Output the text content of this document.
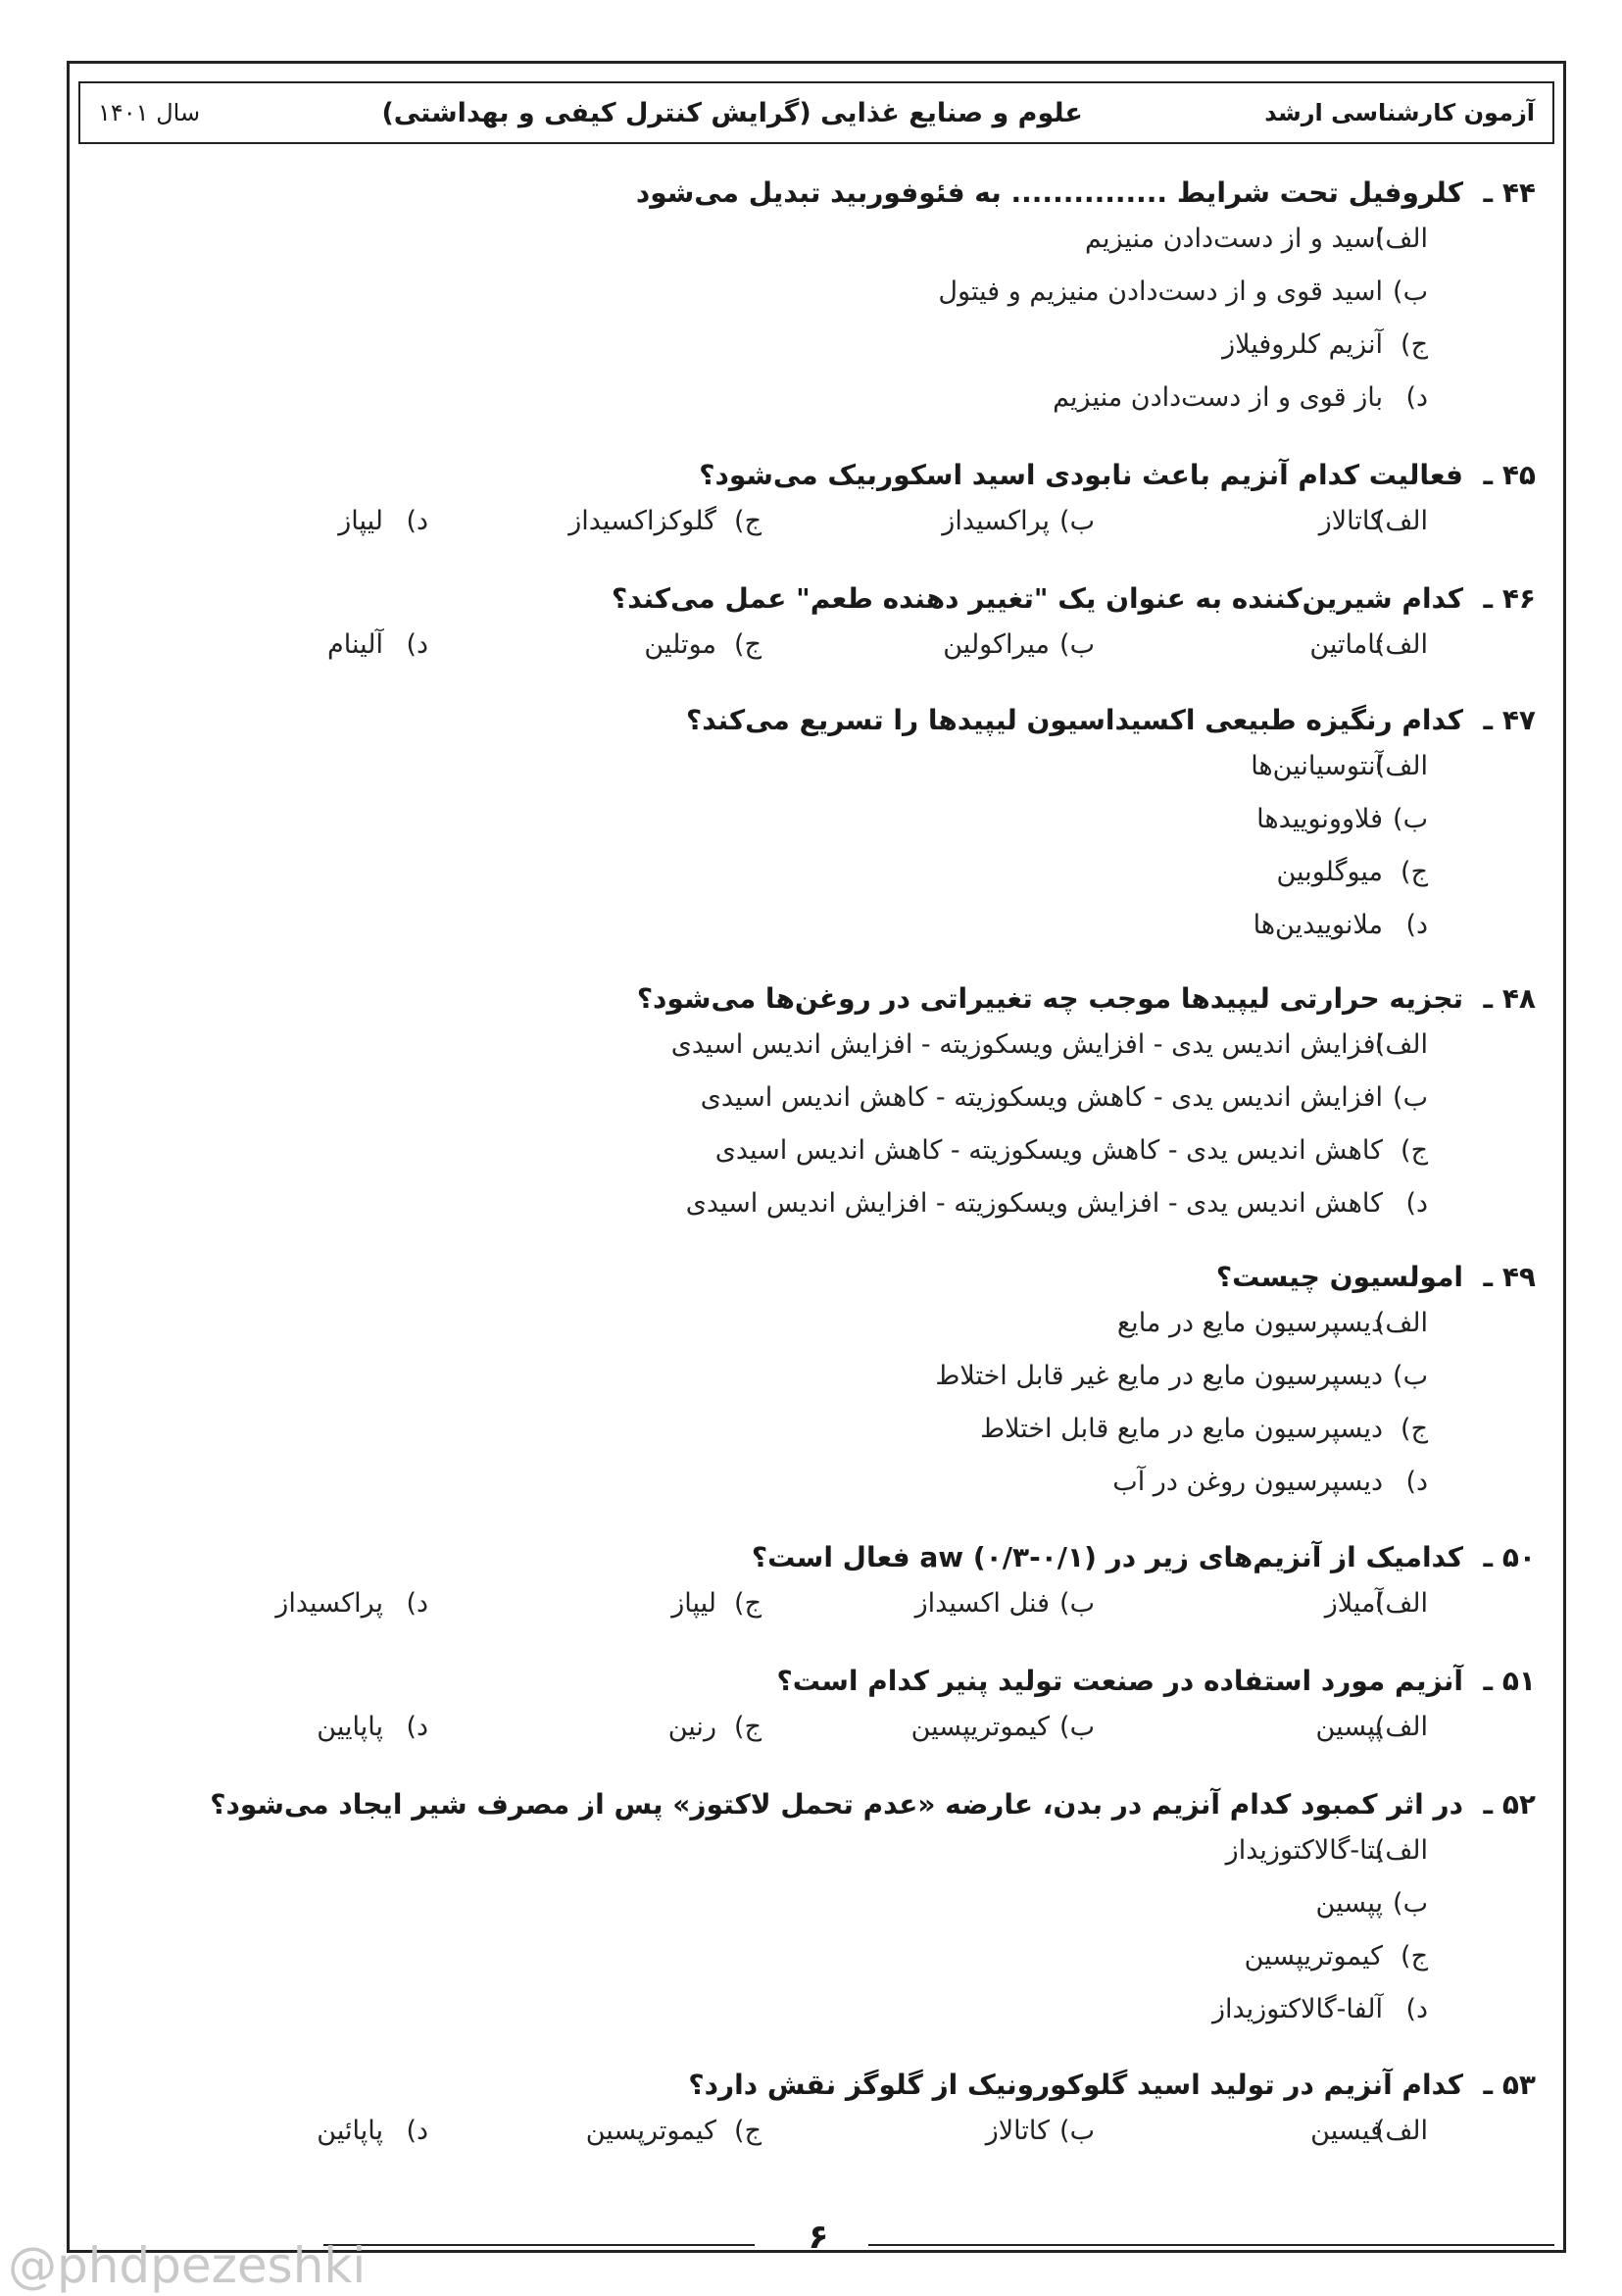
آزمون کارشناسی ارشد
علوم و صنایع غذایی (گرایش کنترل کیفی و بهداشتی)
سال ۱۴۰۱
۴۴ ـ
کلروفیل تحت شرایط ............... به فئوفوربید تبدیل می‌شود
الف)
اسید و از دست‌دادن منیزیم
ب)
اسید قوی و از دست‌دادن منیزیم و فیتول
ج)
آنزیم کلروفیلاز
د)
باز قوی و از دست‌دادن منیزیم
۴۵ ـ
فعالیت کدام آنزیم باعث نابودی اسید اسکوربیک می‌شود؟
الف)
کاتالاز
ب)
پراکسیداز
ج)
گلوکزاکسیداز
د)
لیپاز
۴۶ ـ
کدام شیرین‌کننده به عنوان یک "تغییر دهنده طعم" عمل می‌کند؟
الف)
تاماتین
ب)
میراکولین
ج)
موتلین
د)
آلینام
۴۷ ـ
کدام رنگیزه طبیعی اکسیداسیون لیپیدها را تسریع می‌کند؟
الف)
آنتوسیانین‌ها
ب)
فلاوونوییدها
ج)
میوگلوبین
د)
ملانوییدین‌ها
۴۸ ـ
تجزیه حرارتی لیپیدها موجب چه تغییراتی در روغن‌ها می‌شود؟
الف)
افزایش اندیس یدی - افزایش ویسکوزیته - افزایش اندیس اسیدی
ب)
افزایش اندیس یدی - کاهش ویسکوزیته - کاهش اندیس اسیدی
ج)
کاهش اندیس یدی - کاهش ویسکوزیته - کاهش اندیس اسیدی
د)
کاهش اندیس یدی - افزایش ویسکوزیته - افزایش اندیس اسیدی
۴۹ ـ
امولسیون چیست؟
الف)
دیسپرسیون مایع در مایع
ب)
دیسپرسیون مایع در مایع غیر قابل اختلاط
ج)
دیسپرسیون مایع در مایع قابل اختلاط
د)
دیسپرسیون روغن در آب
۵۰ ـ
کدامیک از آنزیم‌های زیر در aw (۰/۳-۰/۱) فعال است؟
الف)
آمیلاز
ب)
فنل اکسیداز
ج)
لیپاز
د)
پراکسیداز
۵۱ ـ
آنزیم مورد استفاده در صنعت تولید پنیر کدام است؟
الف)
پپسین
ب)
کیموتریپسین
ج)
رنین
د)
پاپایین
۵۲ ـ
در اثر کمبود کدام آنزیم در بدن، عارضه «عدم تحمل لاکتوز» پس از مصرف شیر ایجاد می‌شود؟
الف)
بتا-گالاکتوزیداز
ب)
پپسین
ج)
کیموتریپسین
د)
آلفا-گالاکتوزیداز
۵۳ ـ
کدام آنزیم در تولید اسید گلوکورونیک از گلوگز نقش دارد؟
الف)
فیسین
ب)
کاتالاز
ج)
کیموترپسین
د)
پاپائین
۶
@phdpezeshki
